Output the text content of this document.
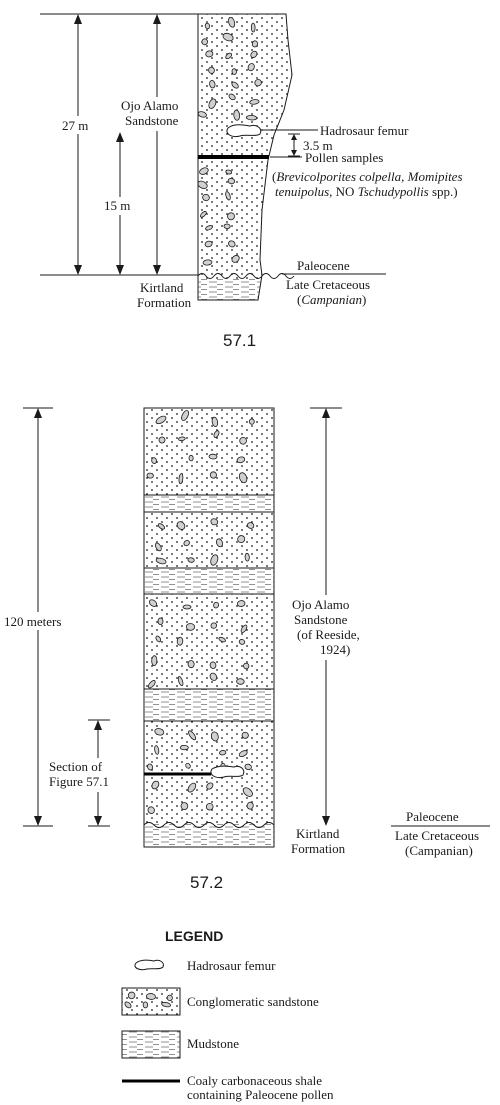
27 m
15 m
Ojo Alamo
Sandstone
Kirtland
Formation
3.5 m
Hadrosaur femur
Pollen samples
(Brevicolporites colpella, Momipites
tenuipolus, NO Tschudypollis spp.)
Paleocene
Late Cretaceous
(Campanian)
57.1
120 meters
Section of
Figure 57.1
Ojo Alamo
Sandstone
(of Reeside,
1924)
Kirtland
Formation
Paleocene
Late Cretaceous
(Campanian)
57.2
LEGEND
Hadrosaur femur
Conglomeratic sandstone
Mudstone
Coaly carbonaceous shale
containing Paleocene pollen
